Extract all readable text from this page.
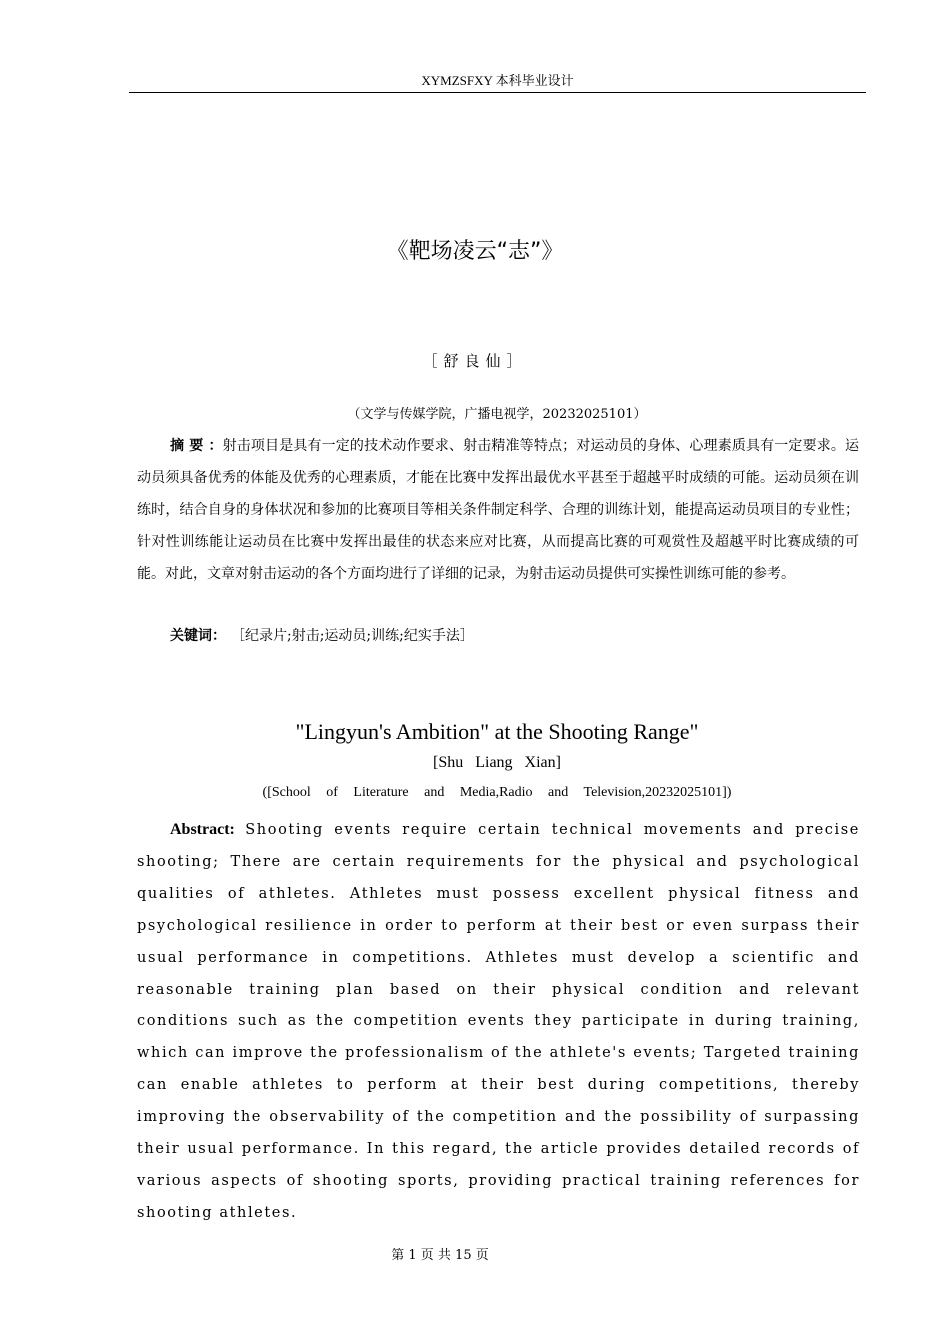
XYMZSFXY 本科毕业设计
《靶场凌云“志”》
［舒良仙］
（文学与传媒学院，广播电视学，20232025101）

摘 要 ：射击项目是具有一定的技术动作要求、射击精准等特点；对运动员的身体、心理素质具有一定要求。运动员须具备优秀的体能及优秀的心理素质，才能在比赛中发挥出最优水平甚至于超越平时成绩的可能。运动员须在训练时，结合自身的身体状况和参加的比赛项目等相关条件制定科学、合理的训练计划，能提高运动员项目的专业性；针对性训练能让运动员在比赛中发挥出最佳的状态来应对比赛，从而提高比赛的可观赏性及超越平时比赛成绩的可能。对此，文章对射击运动的各个方面均进行了详细的记录，为射击运动员提供可实操性训练可能的参考。

关键词： ［纪录片;射击;运动员;训练;纪实手法］
"Lingyun's Ambition" at the Shooting Range"
[Shu Liang Xian]
([School of Literature and Media,Radio and Television,20232025101])

Abstract: Shooting events require certain technical movements and precise shooting; There are certain requirements for the physical and psychological qualities of athletes. Athletes must possess excellent physical fitness and psychological resilience in order to perform at their best or even surpass their usual performance in competitions. Athletes must develop a scientific and reasonable training plan based on their physical condition and relevant conditions such as the competition events they participate in during training, which can improve the professionalism of the athlete's events; Targeted training can enable athletes to perform at their best during competitions, thereby improving the observability of the competition and the possibility of surpassing their usual performance. In this regard, the article provides detailed records of various aspects of shooting sports, providing practical training references for shooting athletes.

第 1 页 共 15 页
